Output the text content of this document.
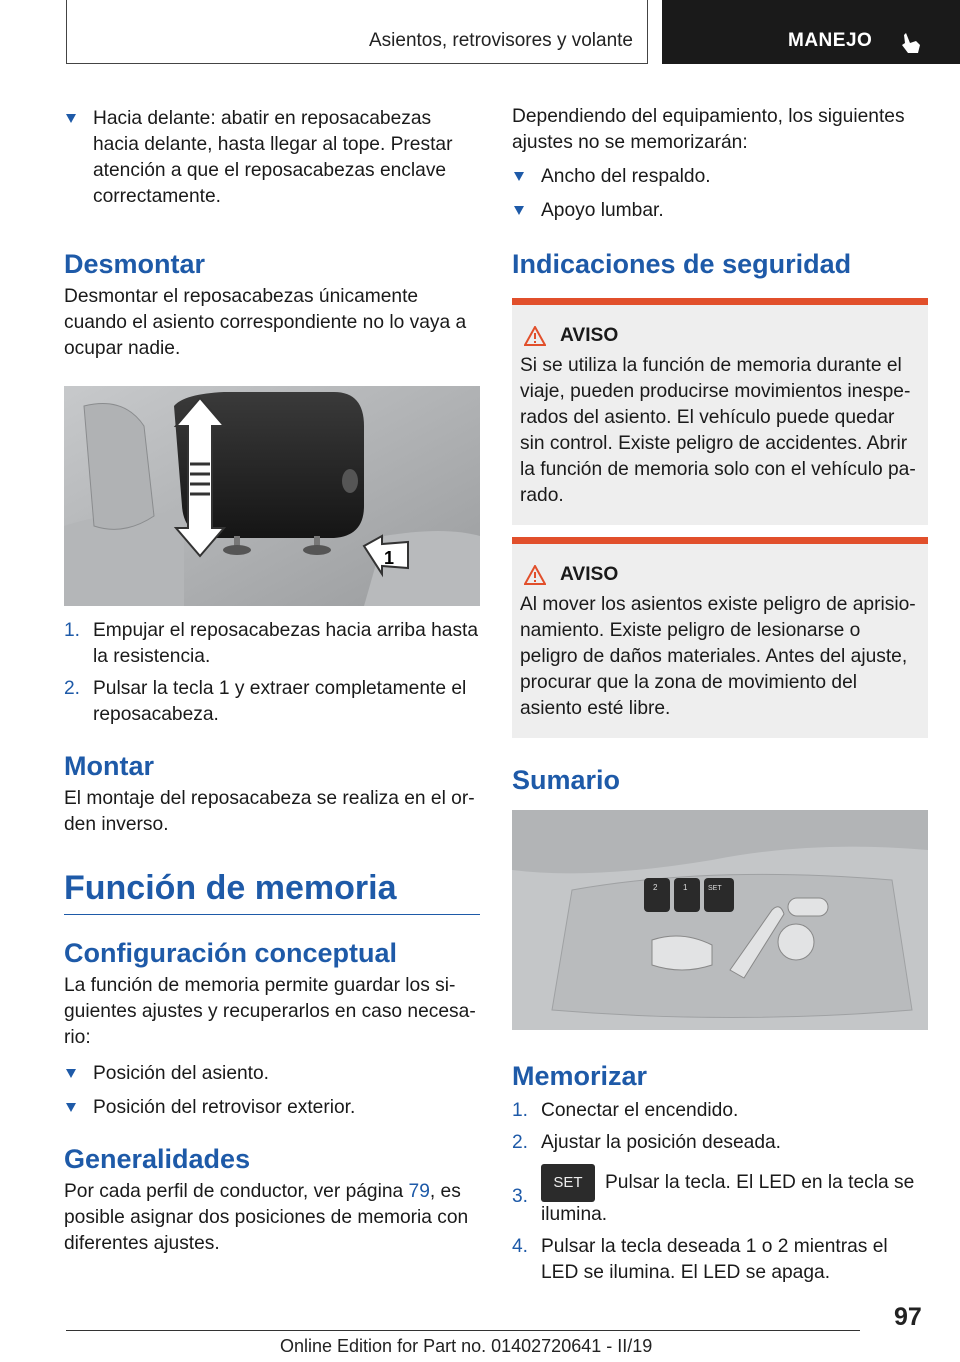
Asientos, retrovisores y volante	MANEJO
Hacia delante: abatir en reposacabezas hacia delante, hasta llegar al tope. Prestar atención a que el reposacabezas enclave correctamente.
Desmontar

Desmontar el reposacabezas únicamente cuando el asiento correspondiente no lo vaya a ocupar nadie.

1
1. Empujar el reposacabezas hacia arriba hasta la resistencia.
2. Pulsar la tecla 1 y extraer completamente el reposacabeza.
Montar

El montaje del reposacabeza se realiza en el orden inverso.

Función de memoria
Configuración conceptual

La función de memoria permite guardar los siguientes ajustes y recuperarlos en caso necesario:

Posición del asiento.
Posición del retrovisor exterior.
Generalidades

Por cada perfil de conductor, ver página 79, es posible asignar dos posiciones de memoria con diferentes ajustes.

Dependiendo del equipamiento, los siguientes ajustes no se memorizarán:

Ancho del respaldo.
Apoyo lumbar.
Indicaciones de seguridad
AVISO

Si se utiliza la función de memoria durante el viaje, pueden producirse movimientos inesperados del asiento. El vehículo puede quedar sin control. Existe peligro de accidentes. Abrir la función de memoria solo con el vehículo parado.

AVISO

Al mover los asientos existe peligro de aprisionamiento. Existe peligro de lesionarse o peligro de daños materiales. Antes del ajuste, procurar que la zona de movimiento del asiento esté libre.

Sumario
2	1	SET
Memorizar
1. Conectar el encendido.
2. Ajustar la posición deseada.
3.
SET Pulsar la tecla. El LED en la tecla se ilumina.
4. Pulsar la tecla deseada 1 o 2 mientras el LED se ilumina. El LED se apaga.
97
Online Edition for Part no. 01402720641 - II/19
